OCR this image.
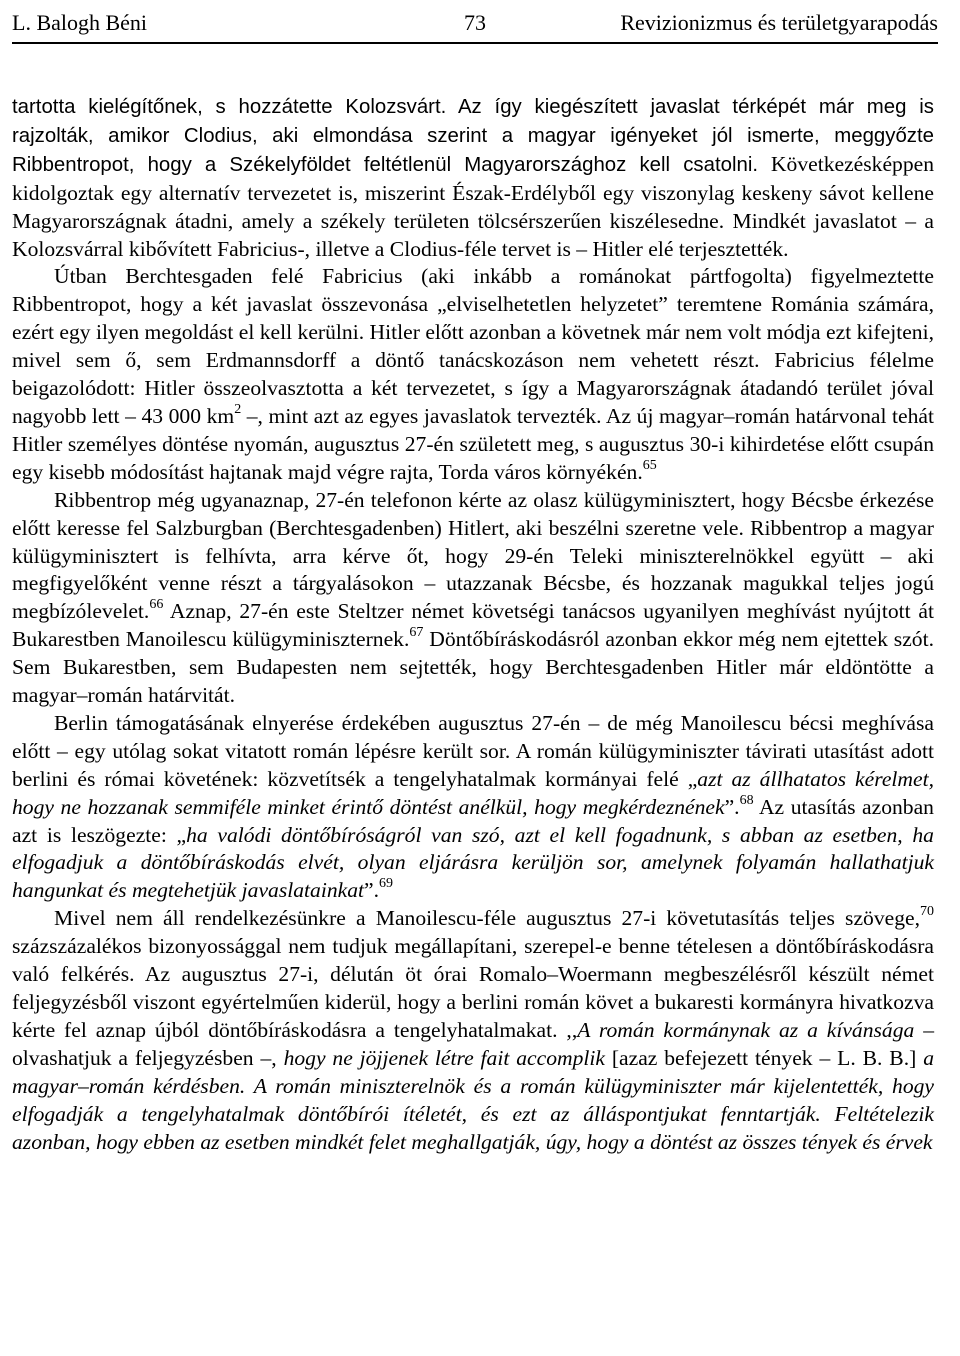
L. Balogh Béni	73	Revizionizmus és területgyarapodás

tartotta kielégítőnek, s hozzátette Kolozsvárt. Az így kiegészített javaslat térképét már meg is rajzolták, amikor Clodius, aki elmondása szerint a magyar igényeket jól ismerte, meggyőzte Ribbentropot, hogy a Székelyföldet feltétlenül Magyarországhoz kell csatolni. Következésképpen kidolgoztak egy alternatív tervezetet is, miszerint Észak-Erdélyből egy viszonylag keskeny sávot kellene Magyarországnak átadni, amely a székely területen tölcsérszerűen kiszélesedne. Mindkét javaslatot – a Kolozsvárral kibővített Fabricius-, illetve a Clodius-féle tervet is – Hitler elé terjesztették.

Útban Berchtesgaden felé Fabricius (aki inkább a románokat pártfogolta) figyelmeztette Ribbentropot, hogy a két javaslat összevonása „elviselhetetlen helyzetet” teremtene Románia számára, ezért egy ilyen megoldást el kell kerülni. Hitler előtt azonban a követnek már nem volt módja ezt kifejteni, mivel sem ő, sem Erdmannsdorff a döntő tanácskozáson nem vehetett részt. Fabricius félelme beigazolódott: Hitler összeolvasztotta a két tervezetet, s így a Magyarországnak átadandó terület jóval nagyobb lett – 43 000 $km^2$ –, mint azt az egyes javaslatok tervezték. Az új magyar–román határvonal tehát Hitler személyes döntése nyomán, augusztus 27-én született meg, s augusztus 30-i kihirdetése előtt csupán egy kisebb módosítást hajtanak majd végre rajta, Torda város környékén.$^{65}$

Ribbentrop még ugyanaznap, 27-én telefonon kérte az olasz külügyminisztert, hogy Bécsbe érkezése előtt keresse fel Salzburgban (Berchtesgadenben) Hitlert, aki beszélni szeretne vele. Ribbentrop a magyar külügyminisztert is felhívta, arra kérve őt, hogy 29-én Teleki miniszterelnökkel együtt – aki megfigyelőként venne részt a tárgyalásokon – utazzanak Bécsbe, és hozzanak magukkal teljes jogú megbízólevelet.$^{66}$ Aznap, 27-én este Steltzer német követségi tanácsos ugyanilyen meghívást nyújtott át Bukarestben Manoilescu külügyminiszternek.$^{67}$ Döntőbíráskodásról azonban ekkor még nem ejtettek szót. Sem Bukarestben, sem Budapesten nem sejtették, hogy Berchtesgadenben Hitler már eldöntötte a magyar–román határvitát.

Berlin támogatásának elnyerése érdekében augusztus 27-én – de még Manoilescu bécsi meghívása előtt – egy utólag sokat vitatott román lépésre került sor. A román külügyminiszter távirati utasítást adott berlini és római követének: közvetítsék a tengelyhatalmak kormányai felé „azt az állhatatos kérelmet, hogy ne hozzanak semmiféle minket érintő döntést anélkül, hogy megkérdeznének”.$^{68}$ Az utasítás azonban azt is leszögezte: „ha valódi döntőbíróságról van szó, azt el kell fogadnunk, s abban az esetben, ha elfogadjuk a döntőbíráskodás elvét, olyan eljárásra kerüljön sor, amelynek folyamán hallathatjuk hangunkat és megtehetjük javaslatainkat”.$^{69}$

Mivel nem áll rendelkezésünkre a Manoilescu-féle augusztus 27-i követutasítás teljes szövege,$^{70}$ százszázalékos bizonyossággal nem tudjuk megállapítani, szerepel-e benne tételesen a döntőbíráskodásra való felkérés. Az augusztus 27-i, délután öt órai Romalo–Woermann megbeszélésről készült német feljegyzésből viszont egyértelműen kiderül, hogy a berlini román követ a bukaresti kormányra hivatkozva kérte fel aznap újból döntőbíráskodásra a tengelyhatalmakat. ,,A román kormánynak az a kívánsága – olvashatjuk a feljegyzésben –, hogy ne jöjjenek létre fait accomplik [azaz befejezett tények – L. B. B.] a magyar–román kérdésben. A román miniszterelnök és a román külügyminiszter már kijelentették, hogy elfogadják a tengelyhatalmak döntőbírói ítéletét, és ezt az álláspontjukat fenntartják. Feltételezik azonban, hogy ebben az esetben mindkét felet meghallgatják, úgy, hogy a döntést az összes tények és érvek
